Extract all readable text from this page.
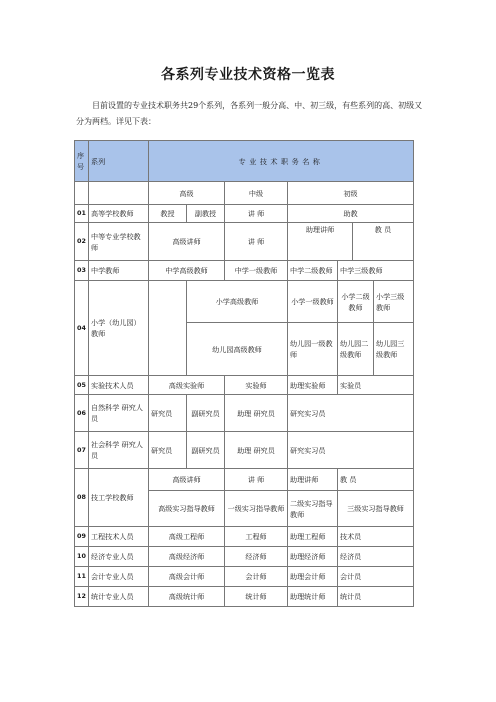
各系列专业技术资格一览表

目前设置的专业技术职务共29个系列，各系列一般分高、中、初三级，有些系列的高、初级又分为两档。详见下表：

序号	系列	专业技术职务名称						
		高级		中级	初级			
01	高等学校教师	教授	副教授	讲 师	助教			
02	中等专业学校教师	高级讲师		讲 师	助理讲师		教 员	
03	中学教师	中学高级教师		中学一级教师	中学二级教师	中学三级教师		
04	小学（幼儿园）教师		小学高级教师		小学一级教师	小学二级教师		小学三级教师
			幼儿园高级教师		幼儿园一级教师	幼儿园二级教师		幼儿园三级教师
05	实验技术人员	高级实验师		实验师	助理实验师	实验员		
06	自然科学 研究人员	研究员	副研究员	助理 研究员	研究实习员			
07	社会科学 研究人员	研究员	副研究员	助理 研究员	研究实习员			
08	技工学校教师	高级讲师		讲 师	助理讲师	教 员		
		高级实习指导教师		一级实习指导教师	二级实习指导教师	三级实习指导教师		
09	工程技术人员	高级工程师		工程师	助理工程师	技术员		
10	经济专业人员	高级经济师		经济师	助理经济师	经济员		
11	会计专业人员	高级会计师		会计师	助理会计师	会计员		
12	统计专业人员	高级统计师		统计师	助理统计师	统计员		
